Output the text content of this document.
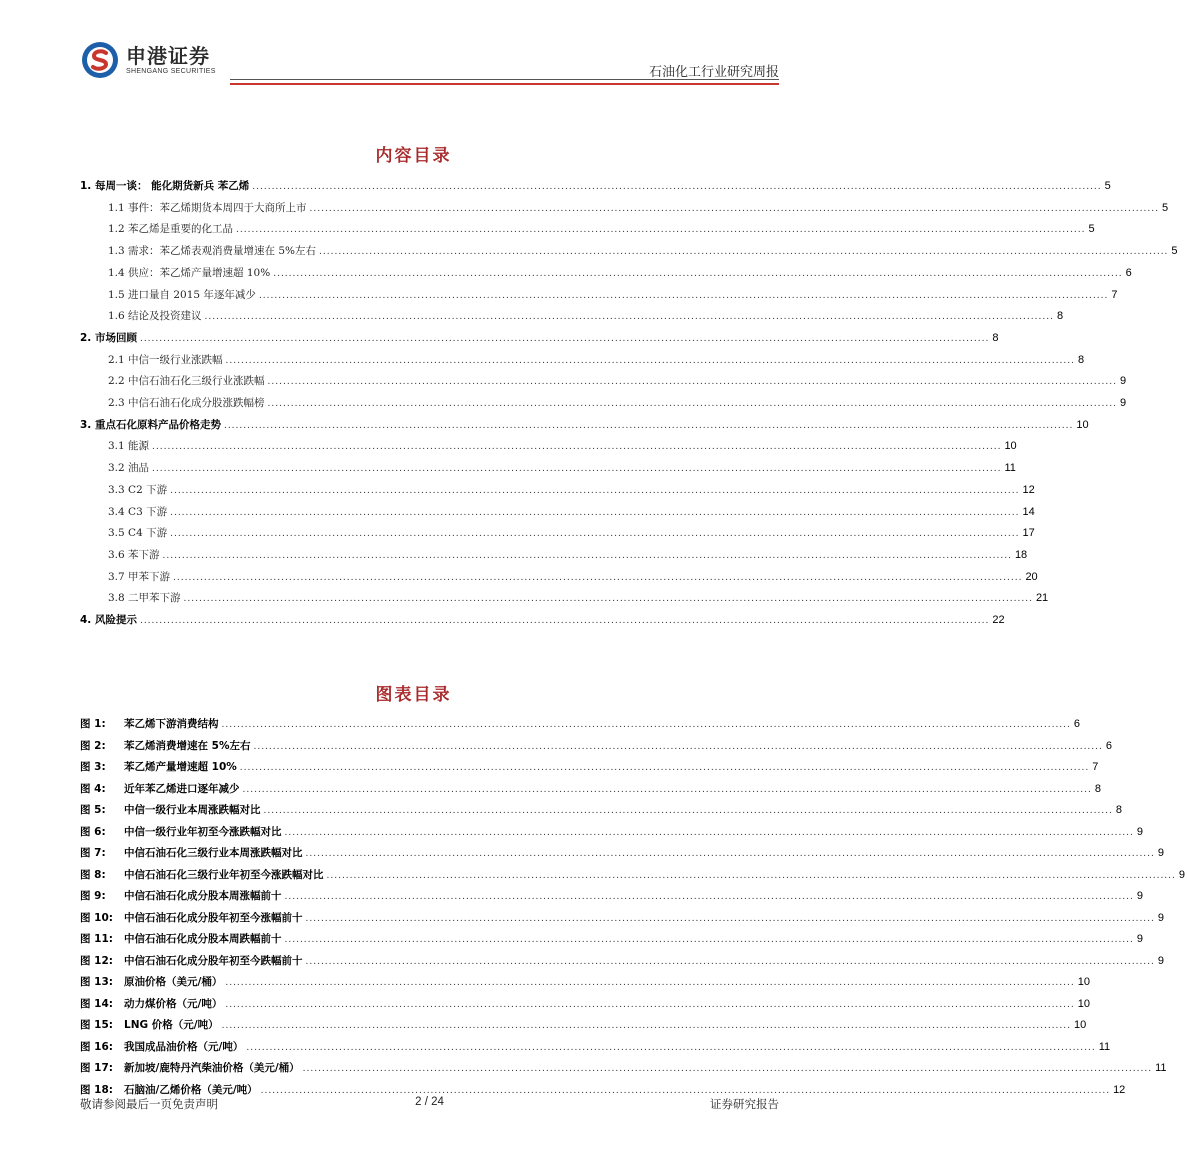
申港证券
SHENGANG SECURITIES	石油化工行业研究周报
内容目录
1. 每周一谈： 能化期货新兵 苯乙烯 ............................................................................................................................................................................................................................ 5
1.1 事件：苯乙烯期货本周四于大商所上市 ............................................................................................................................................................................................................................ 5
1.2 苯乙烯是重要的化工品 ............................................................................................................................................................................................................................ 5
1.3 需求：苯乙烯表观消费量增速在 5%左右 ............................................................................................................................................................................................................................ 5
1.4 供应：苯乙烯产量增速超 10% ............................................................................................................................................................................................................................ 6
1.5 进口量自 2015 年逐年减少 ............................................................................................................................................................................................................................ 7
1.6 结论及投资建议 ............................................................................................................................................................................................................................ 8
2. 市场回顾 ............................................................................................................................................................................................................................ 8
2.1 中信一级行业涨跌幅 ............................................................................................................................................................................................................................ 8
2.2 中信石油石化三级行业涨跌幅 ............................................................................................................................................................................................................................ 9
2.3 中信石油石化成分股涨跌幅榜 ............................................................................................................................................................................................................................ 9
3. 重点石化原料产品价格走势 ............................................................................................................................................................................................................................ 10
3.1 能源 ............................................................................................................................................................................................................................ 10
3.2 油品 ............................................................................................................................................................................................................................ 11
3.3 C2 下游 ............................................................................................................................................................................................................................ 12
3.4 C3 下游 ............................................................................................................................................................................................................................ 14
3.5 C4 下游 ............................................................................................................................................................................................................................ 17
3.6 苯下游 ............................................................................................................................................................................................................................ 18
3.7 甲苯下游 ............................................................................................................................................................................................................................ 20
3.8 二甲苯下游 ............................................................................................................................................................................................................................ 21
4. 风险提示 ............................................................................................................................................................................................................................ 22
图表目录
图 1: 苯乙烯下游消费结构 ............................................................................................................................................................................................................................ 6
图 2: 苯乙烯消费增速在 5%左右 ............................................................................................................................................................................................................................ 6
图 3: 苯乙烯产量增速超 10% ............................................................................................................................................................................................................................ 7
图 4: 近年苯乙烯进口逐年减少 ............................................................................................................................................................................................................................ 8
图 5: 中信一级行业本周涨跌幅对比 ............................................................................................................................................................................................................................ 8
图 6: 中信一级行业年初至今涨跌幅对比 ............................................................................................................................................................................................................................ 9
图 7: 中信石油石化三级行业本周涨跌幅对比 ............................................................................................................................................................................................................................ 9
图 8: 中信石油石化三级行业年初至今涨跌幅对比 ............................................................................................................................................................................................................................ 9
图 9: 中信石油石化成分股本周涨幅前十 ............................................................................................................................................................................................................................ 9
图 10: 中信石油石化成分股年初至今涨幅前十 ............................................................................................................................................................................................................................ 9
图 11: 中信石油石化成分股本周跌幅前十 ............................................................................................................................................................................................................................ 9
图 12: 中信石油石化成分股年初至今跌幅前十 ............................................................................................................................................................................................................................ 9
图 13: 原油价格（美元/桶） ............................................................................................................................................................................................................................ 10
图 14: 动力煤价格（元/吨） ............................................................................................................................................................................................................................ 10
图 15: LNG 价格（元/吨） ............................................................................................................................................................................................................................ 10
图 16: 我国成品油价格（元/吨） ............................................................................................................................................................................................................................ 11
图 17: 新加坡/鹿特丹汽柴油价格（美元/桶） ............................................................................................................................................................................................................................ 11
图 18: 石脑油/乙烯价格（美元/吨） ............................................................................................................................................................................................................................ 12
敬请参阅最后一页免责声明	2 / 24	证券研究报告
